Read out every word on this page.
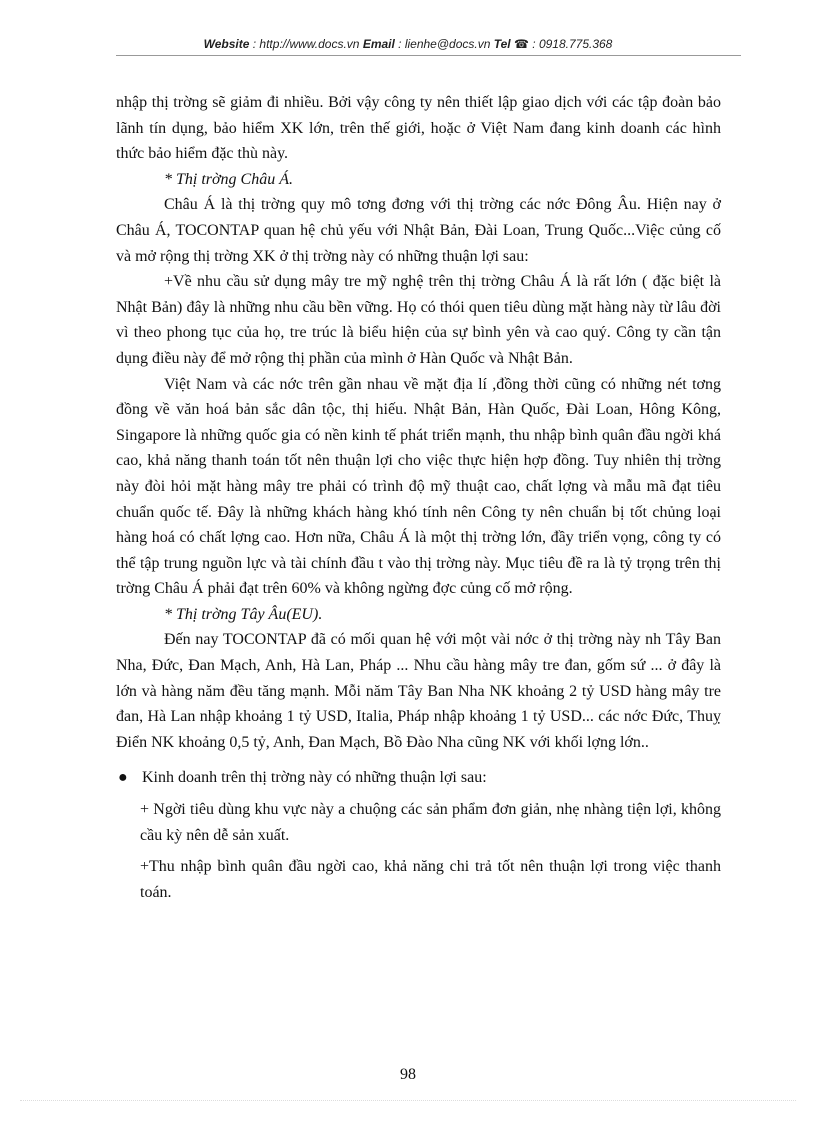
Website : http://www.docs.vn Email : lienhe@docs.vn Tel ☎ : 0918.775.368

nhập thị trờng sẽ giảm đi nhiều. Bởi vậy công ty nên thiết lập giao dịch với các tập đoàn bảo lãnh tín dụng, bảo hiểm XK lớn, trên thế giới, hoặc ở Việt Nam đang kinh doanh các hình thức bảo hiểm đặc thù này.

* Thị trờng Châu Á.

Châu Á là thị trờng quy mô tơng đơng với thị trờng các nớc Đông Âu. Hiện nay ở Châu Á, TOCONTAP quan hệ chủ yếu với Nhật Bản, Đài Loan, Trung Quốc...Việc củng cố và mở rộng thị trờng XK ở thị trờng này có những thuận lợi sau:

+Về nhu cầu sử dụng mây tre mỹ nghệ trên thị trờng Châu Á là rất lớn ( đặc biệt là Nhật Bản) đây là những nhu cầu bền vững. Họ có thói quen tiêu dùng mặt hàng này từ lâu đời vì theo phong tục của họ, tre trúc là biểu hiện của sự bình yên và cao quý. Công ty cần tận dụng điều này để mở rộng thị phần của mình ở Hàn Quốc và Nhật Bản.

Việt Nam và các nớc trên gần nhau về mặt địa lí ,đồng thời cũng có những nét tơng đồng về văn hoá bản sắc dân tộc, thị hiếu. Nhật Bản, Hàn Quốc, Đài Loan, Hông Kông, Singapore là những quốc gia có nền kinh tế phát triển mạnh, thu nhập bình quân đầu ngời khá cao, khả năng thanh toán tốt nên thuận lợi cho việc thực hiện hợp đồng. Tuy nhiên thị trờng này đòi hỏi mặt hàng mây tre phải có trình độ mỹ thuật cao, chất lợng và mẫu mã đạt tiêu chuẩn quốc tế. Đây là những khách hàng khó tính nên Công ty nên chuẩn bị tốt chủng loại hàng hoá có chất lợng cao. Hơn nữa, Châu Á là một thị trờng lớn, đầy triển vọng, công ty có thể tập trung nguồn lực và tài chính đầu t vào thị trờng này. Mục tiêu đề ra là tỷ trọng trên thị trờng Châu Á phải đạt trên 60% và không ngừng đợc củng cố mở rộng.

* Thị trờng Tây Âu(EU).

Đến nay TOCONTAP đã có mối quan hệ với một vài nớc ở thị trờng này nh Tây Ban Nha, Đức, Đan Mạch, Anh, Hà Lan, Pháp ... Nhu cầu hàng mây tre đan, gốm sứ ... ở đây là lớn và hàng năm đều tăng mạnh. Mỗi năm Tây Ban Nha NK khoảng 2 tỷ USD hàng mây tre đan, Hà Lan nhập khoảng 1 tỷ USD, Italia, Pháp nhập khoảng 1 tỷ USD... các nớc Đức, Thuỵ Điển NK khoảng 0,5 tỷ, Anh, Đan Mạch, Bồ Đào Nha cũng NK với khối lợng lớn..

● Kinh doanh trên thị trờng này có những thuận lợi sau:

+ Ngời tiêu dùng khu vực này a chuộng các sản phẩm đơn giản, nhẹ nhàng tiện lợi, không cầu kỳ nên dễ sản xuất.

+Thu nhập bình quân đầu ngời cao, khả năng chi trả tốt nên thuận lợi trong việc thanh toán.

98
